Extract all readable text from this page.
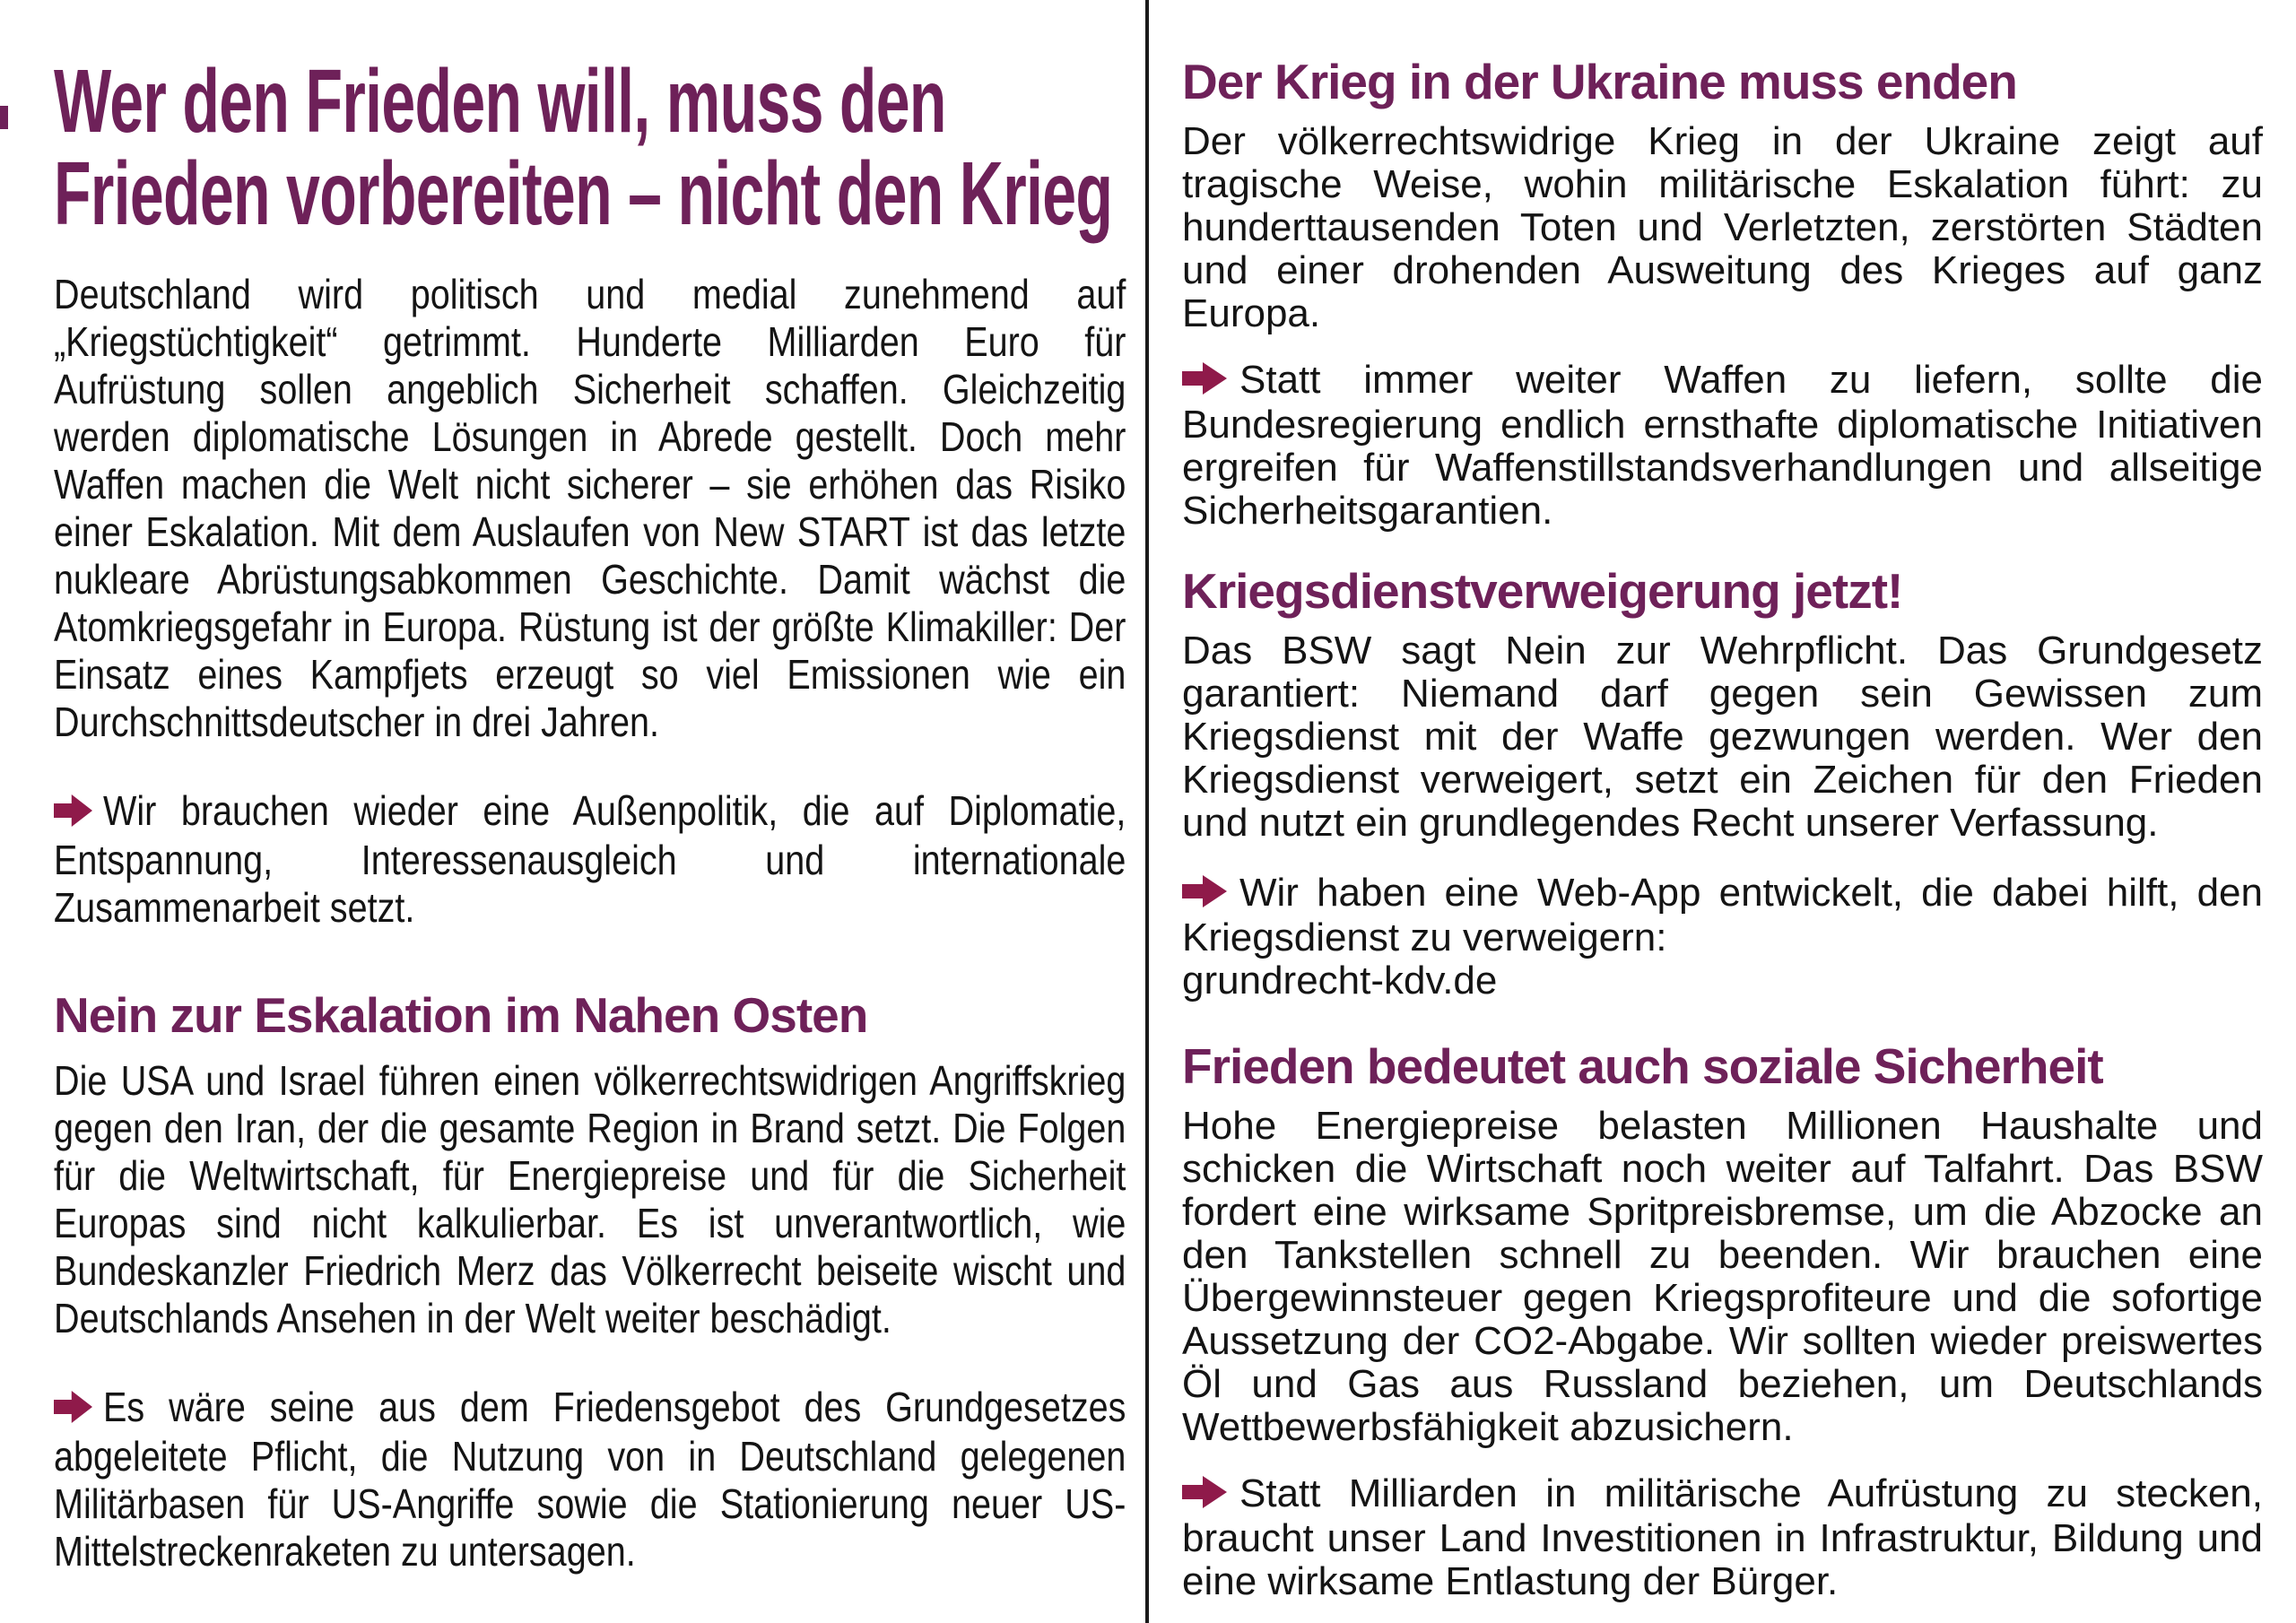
Wer den Frieden will, muss den
Frieden vorbereiten – nicht den Krieg

Deutschland wird politisch und medial zunehmend auf „Kriegstüchtigkeit“ getrimmt. Hunderte Milliarden Euro für Aufrüstung sollen angeblich Sicherheit schaffen. Gleichzeitig werden diplomatische Lösungen in Abrede gestellt. Doch mehr Waffen machen die Welt nicht sicherer – sie erhöhen das Risiko einer Eskalation. Mit dem Auslaufen von New START ist das letzte nukleare Abrüstungsabkommen Geschichte. Damit wächst die Atomkriegsgefahr in Europa. Rüstung ist der größte Klimakiller: Der Einsatz eines Kampfjets erzeugt so viel Emissionen wie ein Durchschnittsdeutscher in drei Jahren.

Wir brauchen wieder eine Außenpolitik, die auf Diplomatie, Entspannung, Interessenausgleich und internationale Zusammenarbeit setzt.

Nein zur Eskalation im Nahen Osten

Die USA und Israel führen einen völkerrechtswidrigen Angriffskrieg gegen den Iran, der die gesamte Region in Brand setzt. Die Folgen für die Weltwirtschaft, für Energiepreise und für die Sicherheit Europas sind nicht kalkulierbar. Es ist unverantwortlich, wie Bundeskanzler Friedrich Merz das Völkerrecht beiseite wischt und Deutschlands Ansehen in der Welt weiter beschädigt.

Es wäre seine aus dem Friedensgebot des Grundgesetzes abgeleitete Pflicht, die Nutzung von in Deutschland gelegenen Militärbasen für US-Angriffe sowie die Stationierung neuer US-Mittelstreckenraketen zu untersagen.

Der Krieg in der Ukraine muss enden

Der völkerrechtswidrige Krieg in der Ukraine zeigt auf tragische Weise, wohin militärische Eskalation führt: zu hunderttausenden Toten und Verletzten, zerstörten Städten und einer drohenden Ausweitung des Krieges auf ganz Europa.

Statt immer weiter Waffen zu liefern, sollte die Bundesregierung endlich ernsthafte diplomatische Initiativen ergreifen für Waffenstillstandsverhandlungen und allseitige Sicherheitsgarantien.

Kriegsdienstverweigerung jetzt!

Das BSW sagt Nein zur Wehrpflicht. Das Grundgesetz garantiert: Niemand darf gegen sein Gewissen zum Kriegsdienst mit der Waffe gezwungen werden. Wer den Kriegsdienst verweigert, setzt ein Zeichen für den Frieden und nutzt ein grundlegendes Recht unserer Verfassung.

Wir haben eine Web-App entwickelt, die dabei hilft, den Kriegsdienst zu verweigern:

grundrecht-kdv.de

Frieden bedeutet auch soziale Sicherheit

Hohe Energiepreise belasten Millionen Haushalte und schicken die Wirtschaft noch weiter auf Talfahrt. Das BSW fordert eine wirksame Spritpreisbremse, um die Abzocke an den Tankstellen schnell zu beenden. Wir brauchen eine Übergewinnsteuer gegen Kriegsprofiteure und die sofortige Aussetzung der CO2-Abgabe. Wir sollten wieder preiswertes Öl und Gas aus Russland beziehen, um Deutschlands Wettbewerbsfähigkeit abzusichern.

Statt Milliarden in militärische Aufrüstung zu stecken, braucht unser Land Investitionen in Infrastruktur, Bildung und eine wirksame Entlastung der Bürger.
